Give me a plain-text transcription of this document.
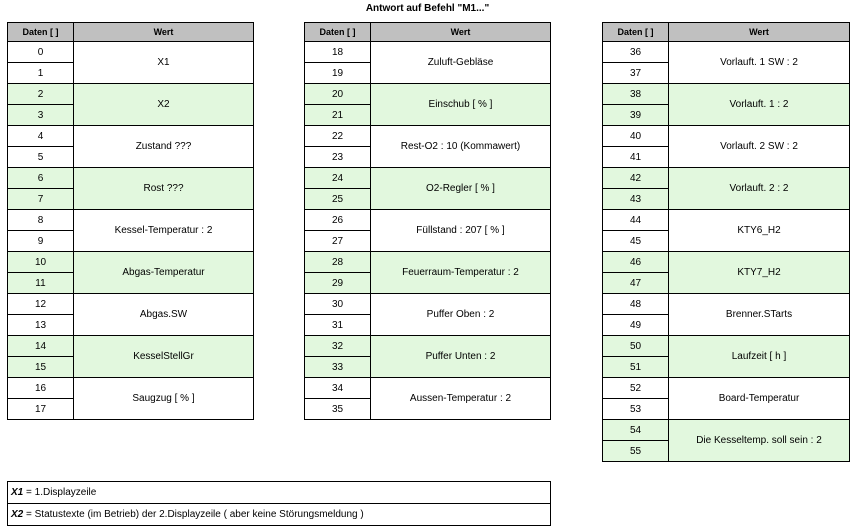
Antwort auf Befehl "M1..."
Daten [ ]	Wert
0	X1
1	
2	X2
3	
4	Zustand ???
5	
6	Rost ???
7	
8	Kessel-Temperatur : 2
9	
10	Abgas-Temperatur
11	
12	Abgas.SW
13	
14	KesselStellGr
15	
16	Saugzug [ % ]
17	
Daten [ ]	Wert
18	Zuluft-Gebläse
19	
20	Einschub [ % ]
21	
22	Rest-O2 : 10 (Kommawert)
23	
24	O2-Regler [ % ]
25	
26	Füllstand : 207 [ % ]
27	
28	Feuerraum-Temperatur : 2
29	
30	Puffer Oben : 2
31	
32	Puffer Unten : 2
33	
34	Aussen-Temperatur : 2
35	
Daten [ ]	Wert
36	Vorlauft. 1 SW : 2
37	
38	Vorlauft. 1 : 2
39	
40	Vorlauft. 2 SW : 2
41	
42	Vorlauft. 2 : 2
43	
44	KTY6_H2
45	
46	KTY7_H2
47	
48	Brenner.STarts
49	
50	Laufzeit [ h ]
51	
52	Board-Temperatur
53	
54	Die Kesseltemp. soll sein : 2
55	
X1 = 1.Displayzeile
X2 = Statustexte (im Betrieb) der 2.Displayzeile ( aber keine Störungsmeldung )
